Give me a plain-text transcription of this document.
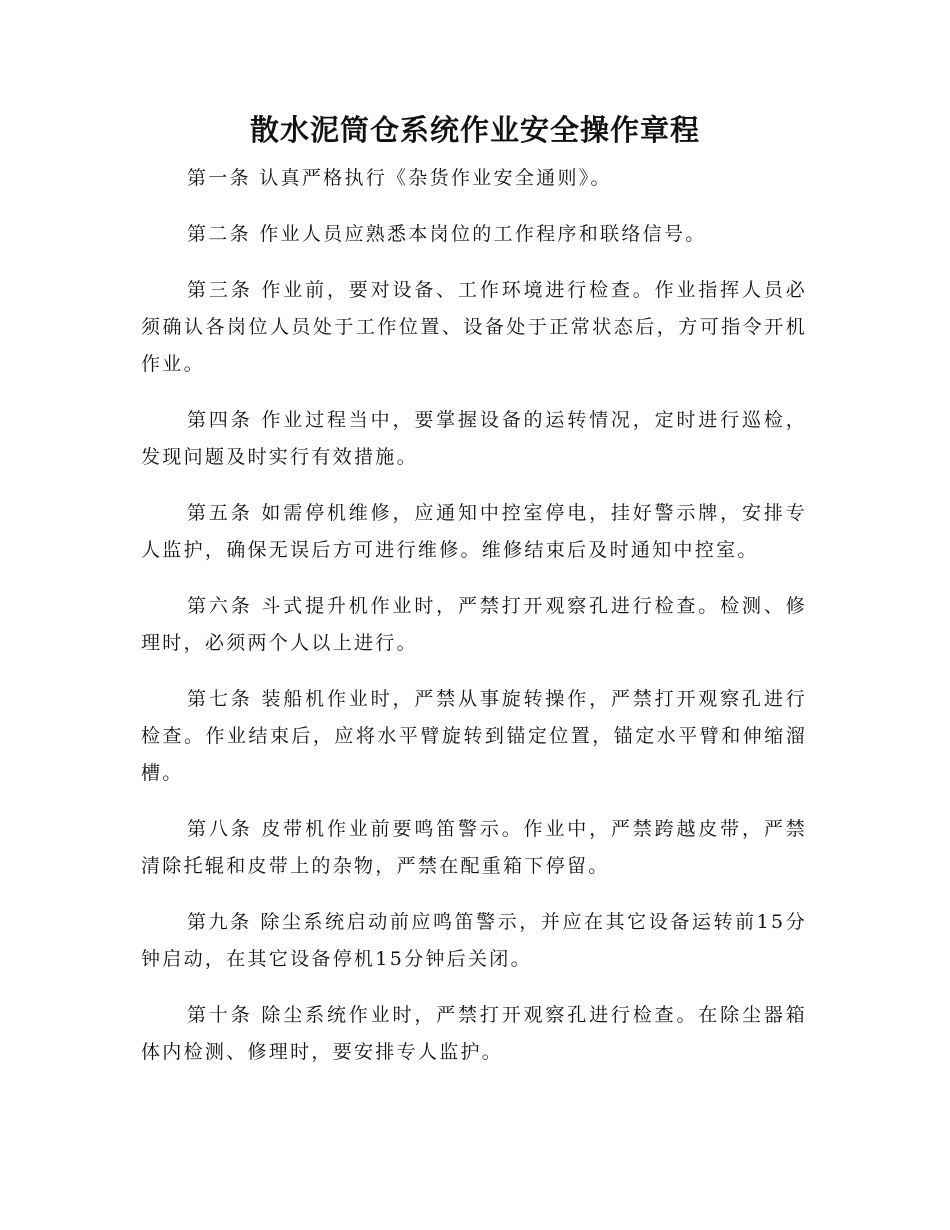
散水泥筒仓系统作业安全操作章程

第一条 认真严格执行《杂货作业安全通则》。

第二条 作业人员应熟悉本岗位的工作程序和联络信号。

第三条 作业前，要对设备、工作环境进行检查。作业指挥人员必须确认各岗位人员处于工作位置、设备处于正常状态后，方可指令开机作业。

第四条 作业过程当中，要掌握设备的运转情况，定时进行巡检，发现问题及时实行有效措施。

第五条 如需停机维修，应通知中控室停电，挂好警示牌，安排专人监护，确保无误后方可进行维修。维修结束后及时通知中控室。

第六条 斗式提升机作业时，严禁打开观察孔进行检查。检测、修理时，必须两个人以上进行。

第七条 装船机作业时，严禁从事旋转操作，严禁打开观察孔进行检查。作业结束后，应将水平臂旋转到锚定位置，锚定水平臂和伸缩溜槽。

第八条 皮带机作业前要鸣笛警示。作业中，严禁跨越皮带，严禁清除托辊和皮带上的杂物，严禁在配重箱下停留。

第九条 除尘系统启动前应鸣笛警示，并应在其它设备运转前15分钟启动，在其它设备停机15分钟后关闭。

第十条 除尘系统作业时，严禁打开观察孔进行检查。在除尘器箱体内检测、修理时，要安排专人监护。
